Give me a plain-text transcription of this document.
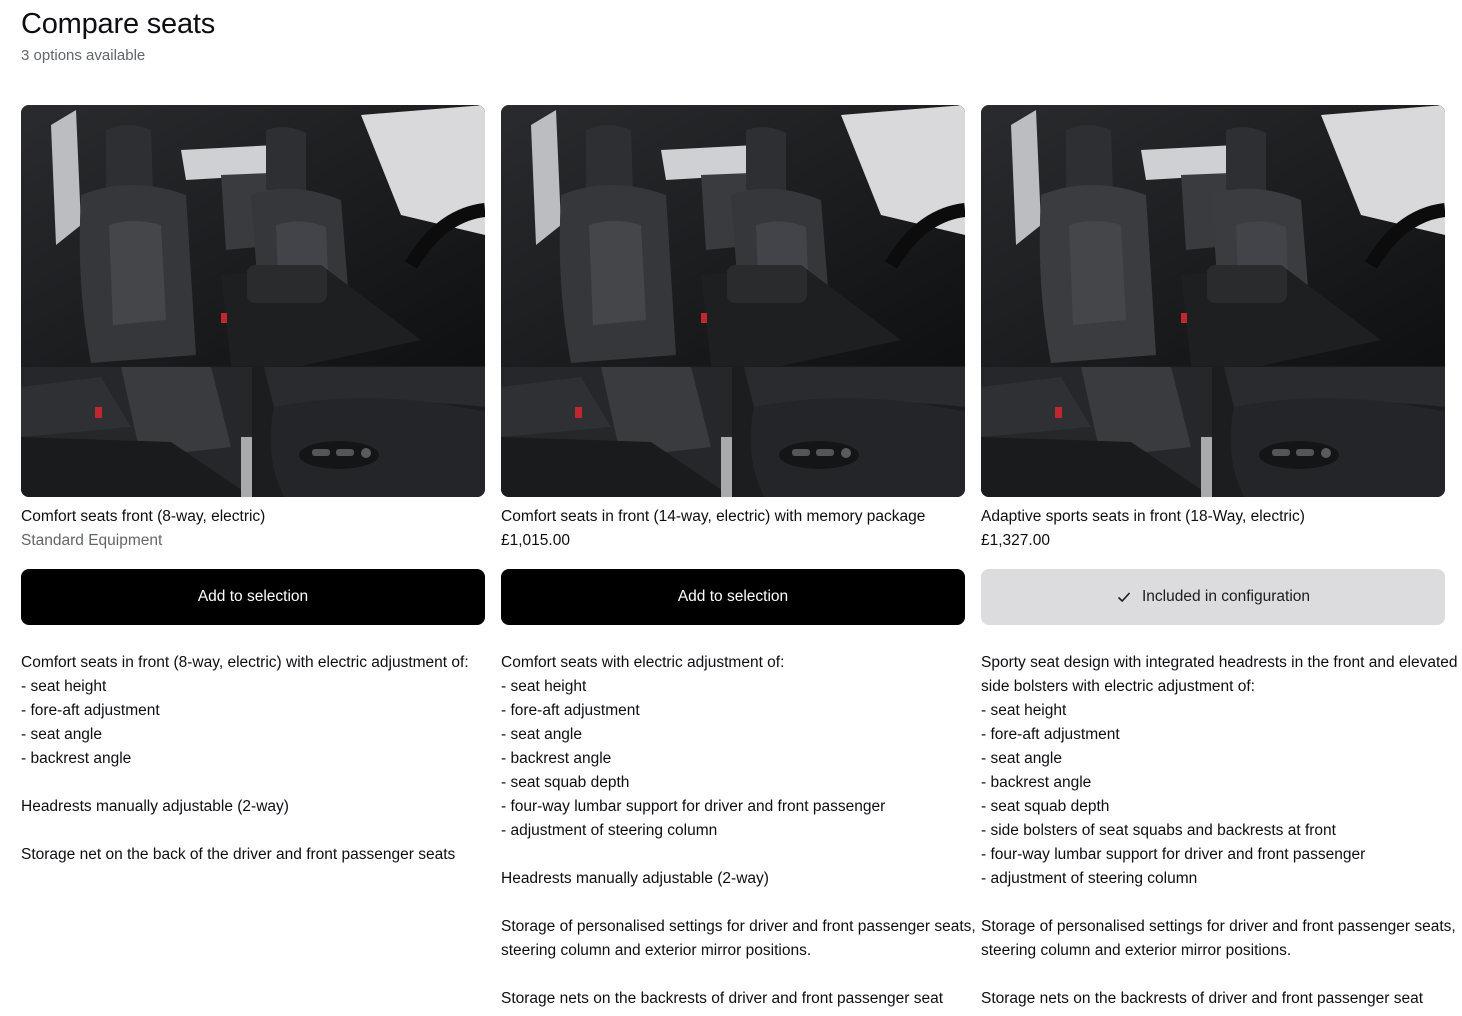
Compare seats
3 options available
Comfort seats front (8-way, electric)
Standard Equipment
Add to selection
Comfort seats in front (8-way, electric) with electric adjustment of:
- seat height
- fore-aft adjustment
- seat angle
- backrest angle
Headrests manually adjustable (2-way)
Storage net on the back of the driver and front passenger seats
Comfort seats in front (14-way, electric) with memory package
£1,015.00
Add to selection
Comfort seats with electric adjustment of:
- seat height
- fore-aft adjustment
- seat angle
- backrest angle
- seat squab depth
- four-way lumbar support for driver and front passenger
- adjustment of steering column
Headrests manually adjustable (2-way)
Storage of personalised settings for driver and front passenger seats,
steering column and exterior mirror positions.
Storage nets on the backrests of driver and front passenger seat
Adaptive sports seats in front (18-Way, electric)
£1,327.00
Included in configuration
Sporty seat design with integrated headrests in the front and elevated
side bolsters with electric adjustment of:
- seat height
- fore-aft adjustment
- seat angle
- backrest angle
- seat squab depth
- side bolsters of seat squabs and backrests at front
- four-way lumbar support for driver and front passenger
- adjustment of steering column
Storage of personalised settings for driver and front passenger seats,
steering column and exterior mirror positions.
Storage nets on the backrests of driver and front passenger seat
